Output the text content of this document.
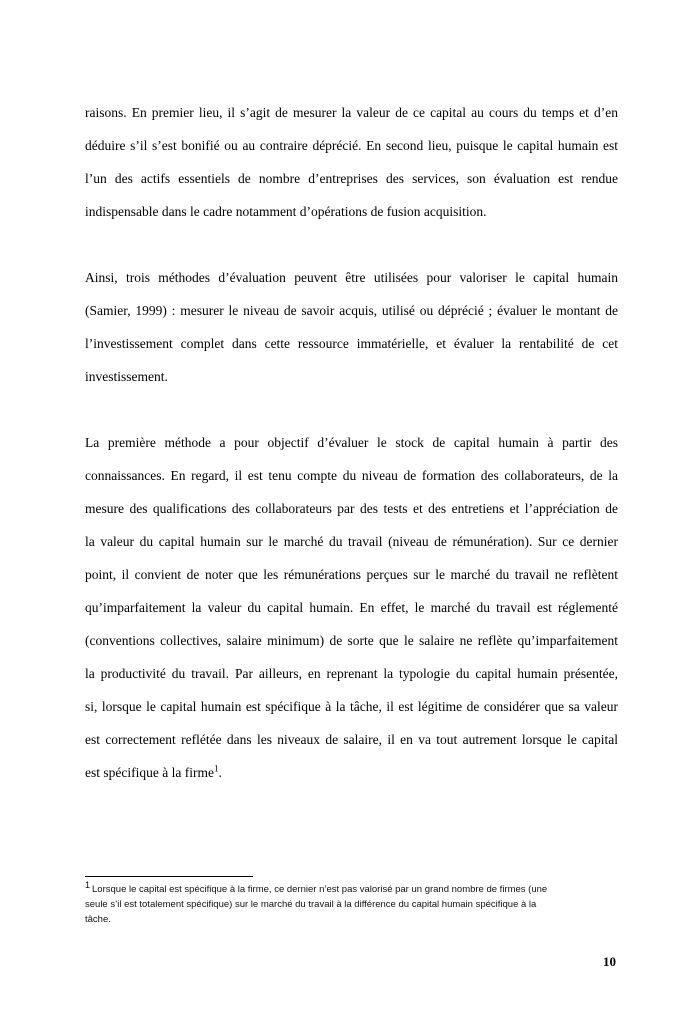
raisons. En premier lieu, il s’agit de mesurer la valeur de ce capital au cours du temps et d’en
déduire s’il s’est bonifié ou au contraire déprécié. En second lieu, puisque le capital humain est
l’un des actifs essentiels de nombre d’entreprises des services, son évaluation est rendue
indispensable dans le cadre notamment d’opérations de fusion acquisition.

Ainsi, trois méthodes d’évaluation peuvent être utilisées pour valoriser le capital humain
(Samier, 1999) : mesurer le niveau de savoir acquis, utilisé ou déprécié ; évaluer le montant de
l’investissement complet dans cette ressource immatérielle, et évaluer la rentabilité de cet
investissement.

La première méthode a pour objectif d’évaluer le stock de capital humain à partir des
connaissances. En regard, il est tenu compte du niveau de formation des collaborateurs, de la
mesure des qualifications des collaborateurs par des tests et des entretiens et l’appréciation de
la valeur du capital humain sur le marché du travail (niveau de rémunération). Sur ce dernier
point, il convient de noter que les rémunérations perçues sur le marché du travail ne reflètent
qu’imparfaitement la valeur du capital humain. En effet, le marché du travail est réglementé
(conventions collectives, salaire minimum) de sorte que le salaire ne reflète qu’imparfaitement
la productivité du travail. Par ailleurs, en reprenant la typologie du capital humain présentée,
si, lorsque le capital humain est spécifique à la tâche, il est légitime de considérer que sa valeur
est correctement reflétée dans les niveaux de salaire, il en va tout autrement lorsque le capital
est spécifique à la firme$^1$.

1 Lorsque le capital est spécifique à la firme, ce dernier n’est pas valorisé par un grand nombre de firmes (une
seule s’il est totalement spécifique) sur le marché du travail à la différence du capital humain spécifique à la
tâche.
10
